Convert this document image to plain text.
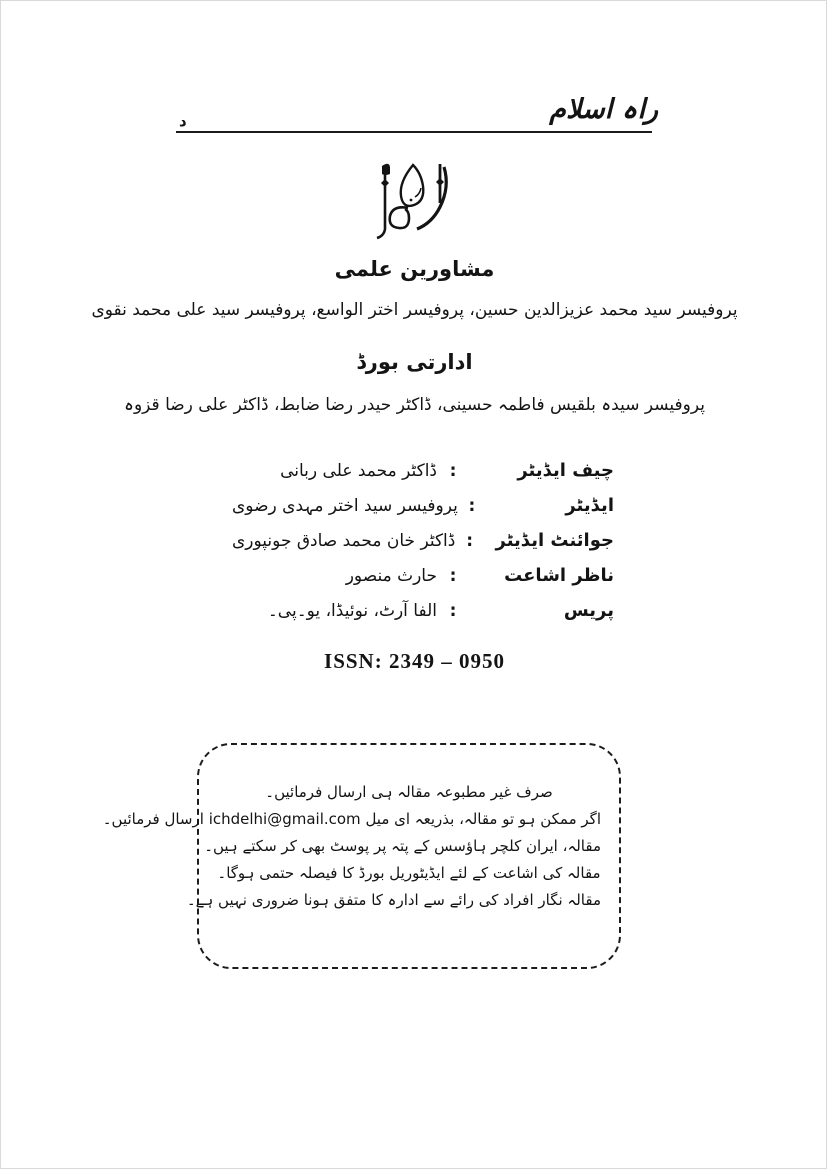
راہ اسلام
د
مشاورین علمی
پروفیسر سید محمد عزیزالدین حسین، پروفیسر اختر الواسع، پروفیسر سید علی محمد نقوی
ادارتی بورڈ
پروفیسر سیدہ بلقیس فاطمہ حسینی، ڈاکٹر حیدر رضا ضابط، ڈاکٹر علی رضا قزوہ
چیف ایڈیٹر
:
ڈاکٹر محمد علی ربانی
ایڈیٹر
:
پروفیسر سید اختر مہدی رضوی
جوائنٹ ایڈیٹر
:
ڈاکٹر خان محمد صادق جونپوری
ناظر اشاعت
:
حارث منصور
پریس
:
الفا آرٹ، نوئیڈا، یو۔پی۔
ISSN: 2349 – 0950

صرف غیر مطبوعہ مقالہ ہی ارسال فرمائیں۔

اگر ممکن ہو تو مقالہ، بذریعہ ای میل ichdelhi@gmail.com ارسال فرمائیں۔

مقالہ، ایران کلچر ہاؤسس کے پتہ پر پوسٹ بھی کر سکتے ہیں۔

مقالہ کی اشاعت کے لئے ایڈیٹوریل بورڈ کا فیصلہ حتمی ہوگا۔

مقالہ نگار افراد کی رائے سے ادارہ کا متفق ہونا ضروری نہیں ہے۔
